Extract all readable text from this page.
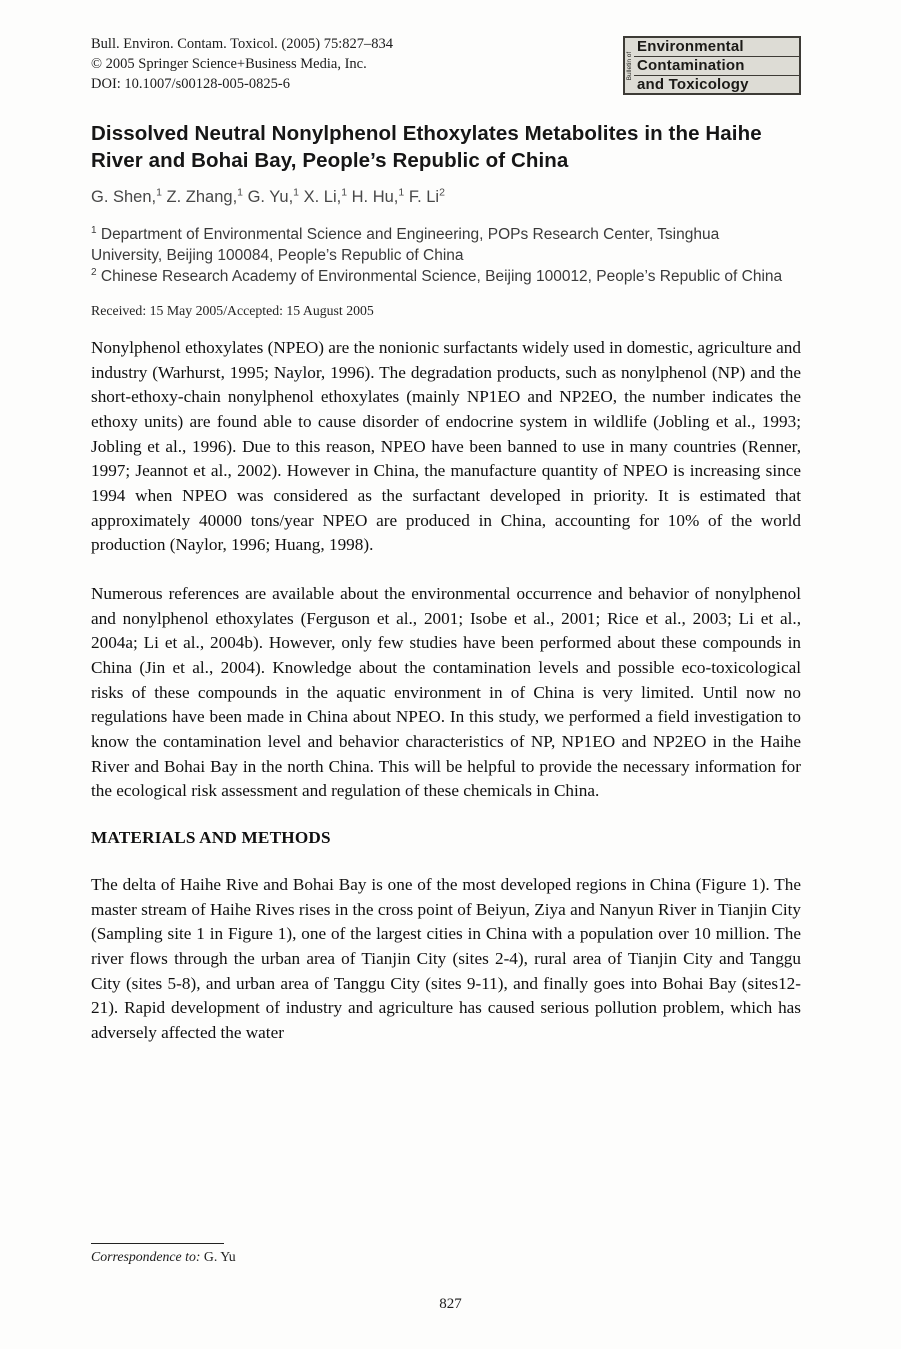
Bull. Environ. Contam. Toxicol. (2005) 75:827–834
© 2005 Springer Science+Business Media, Inc.
DOI: 10.1007/s00128-005-0825-6
Bulletin of
Environmental
Contamination
and Toxicology
Dissolved Neutral Nonylphenol Ethoxylates Metabolites in the Haihe River and Bohai Bay, People’s Republic of China
G. Shen,$^1$ Z. Zhang,$^1$ G. Yu,$^1$ X. Li,$^1$ H. Hu,$^1$ F. Li$^2$
$^1$ Department of Environmental Science and Engineering, POPs Research Center, Tsinghua University, Beijing 100084, People’s Republic of China
$^2$ Chinese Research Academy of Environmental Science, Beijing 100012, People’s Republic of China
Received: 15 May 2005/Accepted: 15 August 2005

Nonylphenol ethoxylates (NPEO) are the nonionic surfactants widely used in domestic, agriculture and industry (Warhurst, 1995; Naylor, 1996). The degradation products, such as nonylphenol (NP) and the short-ethoxy-chain nonylphenol ethoxylates (mainly NP1EO and NP2EO, the number indicates the ethoxy units) are found able to cause disorder of endocrine system in wildlife (Jobling et al., 1993; Jobling et al., 1996). Due to this reason, NPEO have been banned to use in many countries (Renner, 1997; Jeannot et al., 2002). However in China, the manufacture quantity of NPEO is increasing since 1994 when NPEO was considered as the surfactant developed in priority. It is estimated that approximately 40000 tons/year NPEO are produced in China, accounting for 10% of the world production (Naylor, 1996; Huang, 1998).

Numerous references are available about the environmental occurrence and behavior of nonylphenol and nonylphenol ethoxylates (Ferguson et al., 2001; Isobe et al., 2001; Rice et al., 2003; Li et al., 2004a; Li et al., 2004b). However, only few studies have been performed about these compounds in China (Jin et al., 2004). Knowledge about the contamination levels and possible eco-toxicological risks of these compounds in the aquatic environment in of China is very limited. Until now no regulations have been made in China about NPEO. In this study, we performed a field investigation to know the contamination level and behavior characteristics of NP, NP1EO and NP2EO in the Haihe River and Bohai Bay in the north China. This will be helpful to provide the necessary information for the ecological risk assessment and regulation of these chemicals in China.

MATERIALS AND METHODS

The delta of Haihe Rive and Bohai Bay is one of the most developed regions in China (Figure 1). The master stream of Haihe Rives rises in the cross point of Beiyun, Ziya and Nanyun River in Tianjin City (Sampling site 1 in Figure 1), one of the largest cities in China with a population over 10 million. The river flows through the urban area of Tianjin City (sites 2-4), rural area of Tianjin City and Tanggu City (sites 5-8), and urban area of Tanggu City (sites 9-11), and finally goes into Bohai Bay (sites12-21). Rapid development of industry and agriculture has caused serious pollution problem, which has adversely affected the water

Correspondence to: G. Yu
827
